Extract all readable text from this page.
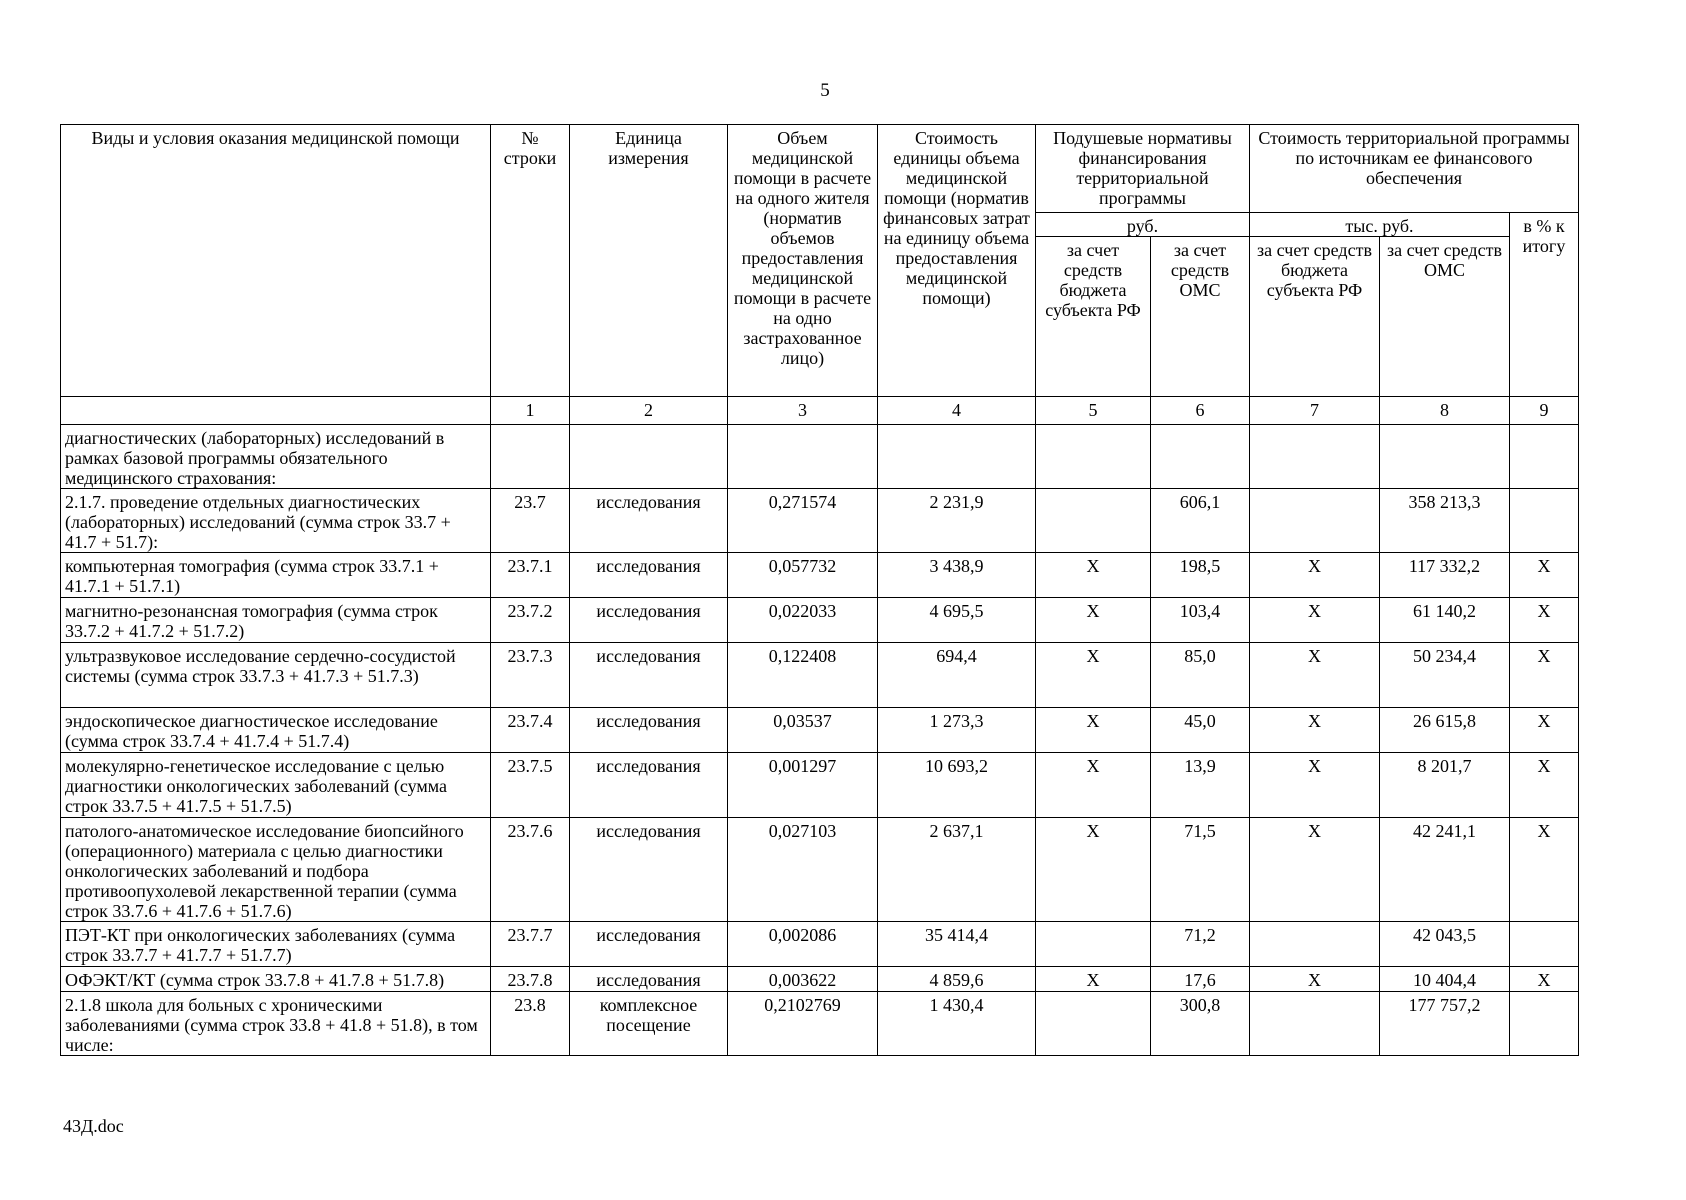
5
Виды и условия оказания медицинской помощи	№ строки	Единица измерения	Объем медицинской помощи в расчете на одного жителя (норматив объемов предоставления медицинской помощи в расчете на одно застрахованное лицо)	Стоимость единицы объема медицинской помощи (норматив финансовых затрат на единицу объема предоставления медицинской помощи)	Подушевые нормативы финансирования территориальной программы		Стоимость территориальной программы по источникам ее финансового обеспечения		
					руб.		тыс. руб.		в % к итогу
					за счет средств бюджета субъекта РФ	за счет средств ОМС	за счет средств бюджета субъекта РФ	за счет средств ОМС	
	1	2	3	4	5	6	7	8	9
диагностических (лабораторных) исследований в рамках базовой программы обязательного медицинского страхования:									
2.1.7. проведение отдельных диагностических (лабораторных) исследований (сумма строк 33.7 + 41.7 + 51.7):	23.7	исследования	0,271574	2 231,9		606,1		358 213,3	
компьютерная томография (сумма строк 33.7.1 + 41.7.1 + 51.7.1)	23.7.1	исследования	0,057732	3 438,9	X	198,5	X	117 332,2	X
магнитно-резонансная томография (сумма строк 33.7.2 + 41.7.2 + 51.7.2)	23.7.2	исследования	0,022033	4 695,5	X	103,4	X	61 140,2	X
ультразвуковое исследование сердечно-сосудистой системы (сумма строк 33.7.3 + 41.7.3 + 51.7.3)	23.7.3	исследования	0,122408	694,4	X	85,0	X	50 234,4	X
эндоскопическое диагностическое исследование (сумма строк 33.7.4 + 41.7.4 + 51.7.4)	23.7.4	исследования	0,03537	1 273,3	X	45,0	X	26 615,8	X
молекулярно-генетическое исследование с целью диагностики онкологических заболеваний (сумма строк 33.7.5 + 41.7.5 + 51.7.5)	23.7.5	исследования	0,001297	10 693,2	X	13,9	X	8 201,7	X
патолого-анатомическое исследование биопсийного (операционного) материала с целью диагностики онкологических заболеваний и подбора противоопухолевой лекарственной терапии (сумма строк 33.7.6 + 41.7.6 + 51.7.6)	23.7.6	исследования	0,027103	2 637,1	X	71,5	X	42 241,1	X
ПЭТ-КТ при онкологических заболеваниях (сумма строк 33.7.7 + 41.7.7 + 51.7.7)	23.7.7	исследования	0,002086	35 414,4		71,2		42 043,5	
ОФЭКТ/КТ (сумма строк 33.7.8 + 41.7.8 + 51.7.8)	23.7.8	исследования	0,003622	4 859,6	X	17,6	X	10 404,4	X
2.1.8 школа для больных с хроническими заболеваниями (сумма строк 33.8 + 41.8 + 51.8), в том числе:	23.8	комплексное посещение	0,2102769	1 430,4		300,8		177 757,2	
43Д.doc
